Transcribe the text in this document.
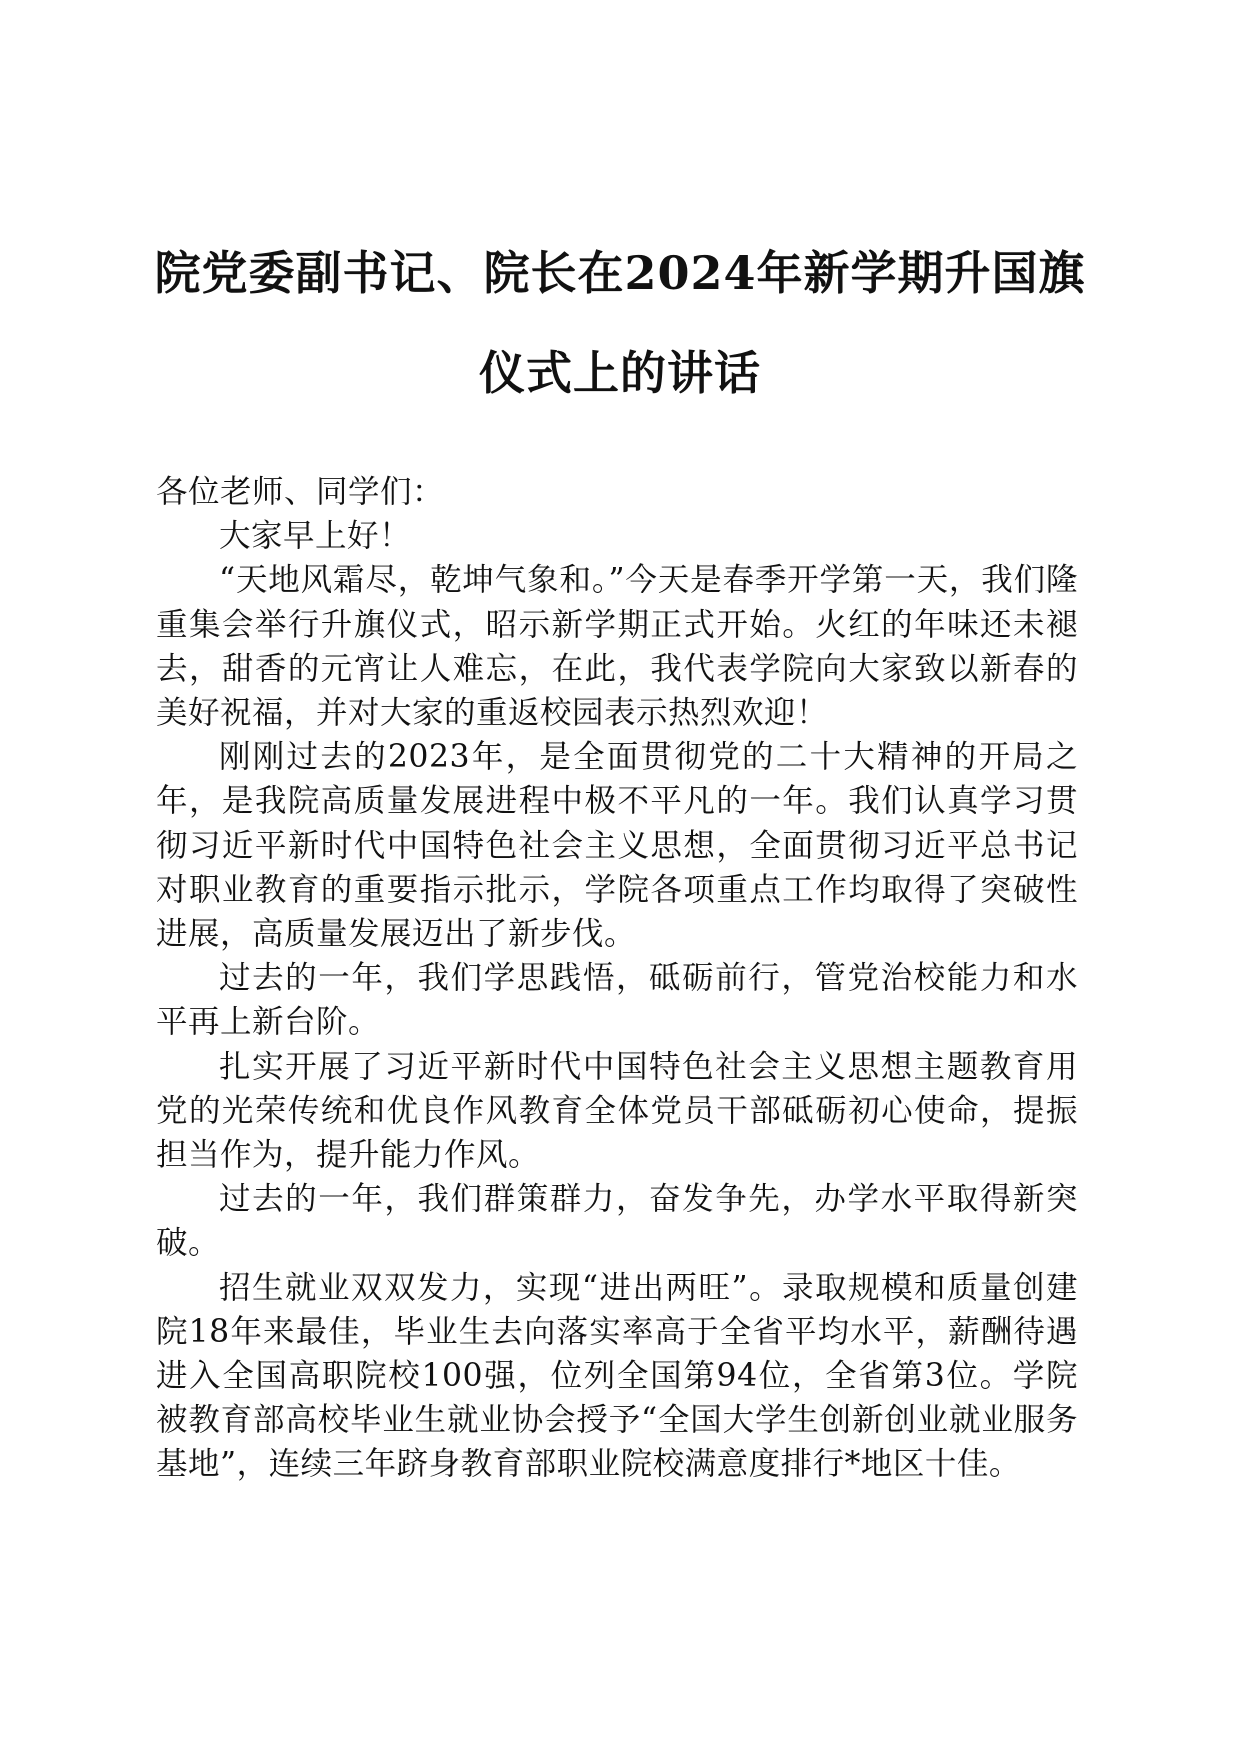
院党委副书记、院长在2024年新学期升国旗
仪式上的讲话

各位老师、同学们：

大家早上好！

“天地风霜尽，乾坤气象和。”今天是春季开学第一天，我们隆重集会举行升旗仪式，昭示新学期正式开始。火红的年味还未褪去，甜香的元宵让人难忘，在此，我代表学院向大家致以新春的美好祝福，并对大家的重返校园表示热烈欢迎！

刚刚过去的2023年，是全面贯彻党的二十大精神的开局之年，是我院高质量发展进程中极不平凡的一年。我们认真学习贯彻习近平新时代中国特色社会主义思想，全面贯彻习近平总书记对职业教育的重要指示批示，学院各项重点工作均取得了突破性进展，高质量发展迈出了新步伐。

过去的一年，我们学思践悟，砥砺前行，管党治校能力和水平再上新台阶。

扎实开展了习近平新时代中国特色社会主义思想主题教育用党的光荣传统和优良作风教育全体党员干部砥砺初心使命，提振担当作为，提升能力作风。

过去的一年，我们群策群力，奋发争先，办学水平取得新突破。

招生就业双双发力，实现“进出两旺”。录取规模和质量创建院18年来最佳，毕业生去向落实率高于全省平均水平，薪酬待遇进入全国高职院校100强，位列全国第94位，全省第3位。学院被教育部高校毕业生就业协会授予“全国大学生创新创业就业服务基地”，连续三年跻身教育部职业院校满意度排行*地区十佳。
